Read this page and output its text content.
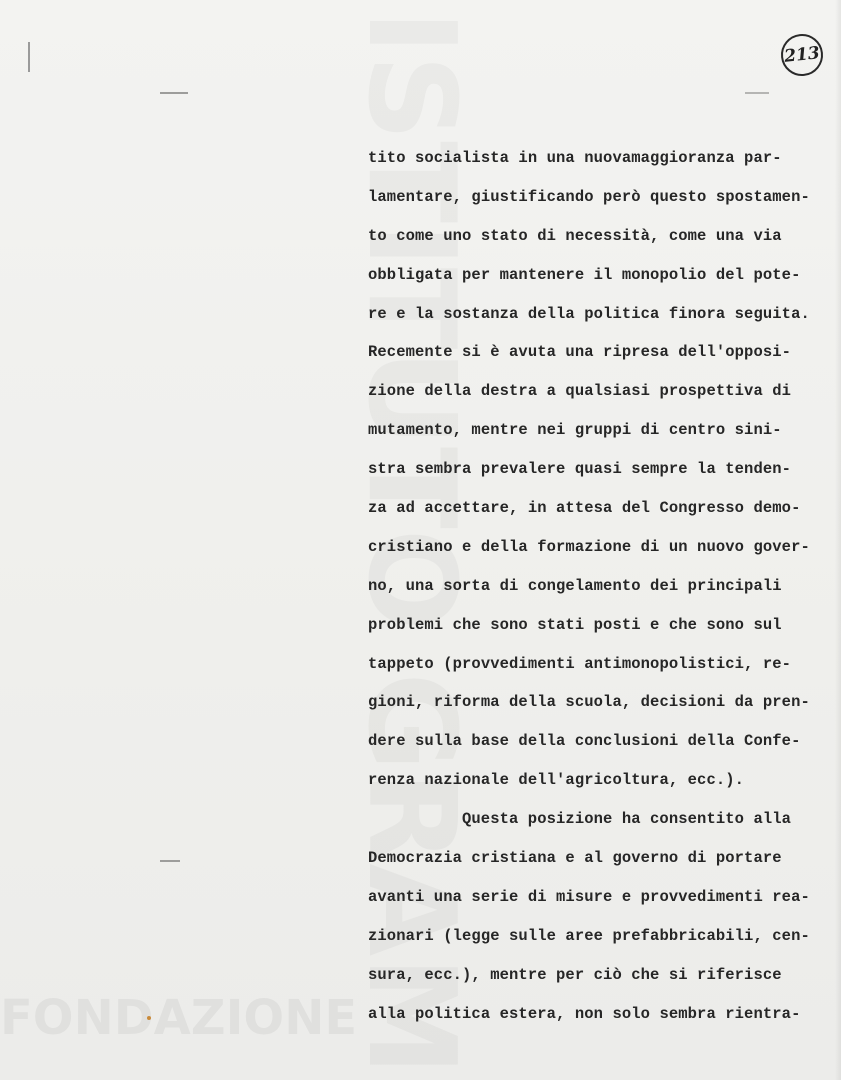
FONDAZIONE
213
tito socialista in una nuovamaggioranza par-
lamentare, giustificando però questo spostamen-
to come uno stato di necessità, come una via
obbligata per mantenere il monopolio del pote-
re e la sostanza della politica finora seguita.
Recemente si è avuta una ripresa dell'opposi-
zione della destra a qualsiasi prospettiva di
mutamento, mentre nei gruppi di centro sini-
stra sembra prevalere quasi sempre la tenden-
za ad accettare, in attesa del Congresso demo-
cristiano e della formazione di un nuovo gover-
no, una sorta di congelamento dei principali
problemi che sono stati posti e che sono sul
tappeto (provvedimenti antimonopolistici, re-
gioni, riforma della scuola, decisioni da pren-
dere sulla base della conclusioni della Confe-
renza nazionale dell'agricoltura, ecc.).
Questa posizione ha consentito alla
Democrazia cristiana e al governo di portare
avanti una serie di misure e provvedimenti rea-
zionari (legge sulle aree prefabbricabili, cen-
sura, ecc.), mentre per ciò che si riferisce
alla politica estera, non solo sembra rientra-
